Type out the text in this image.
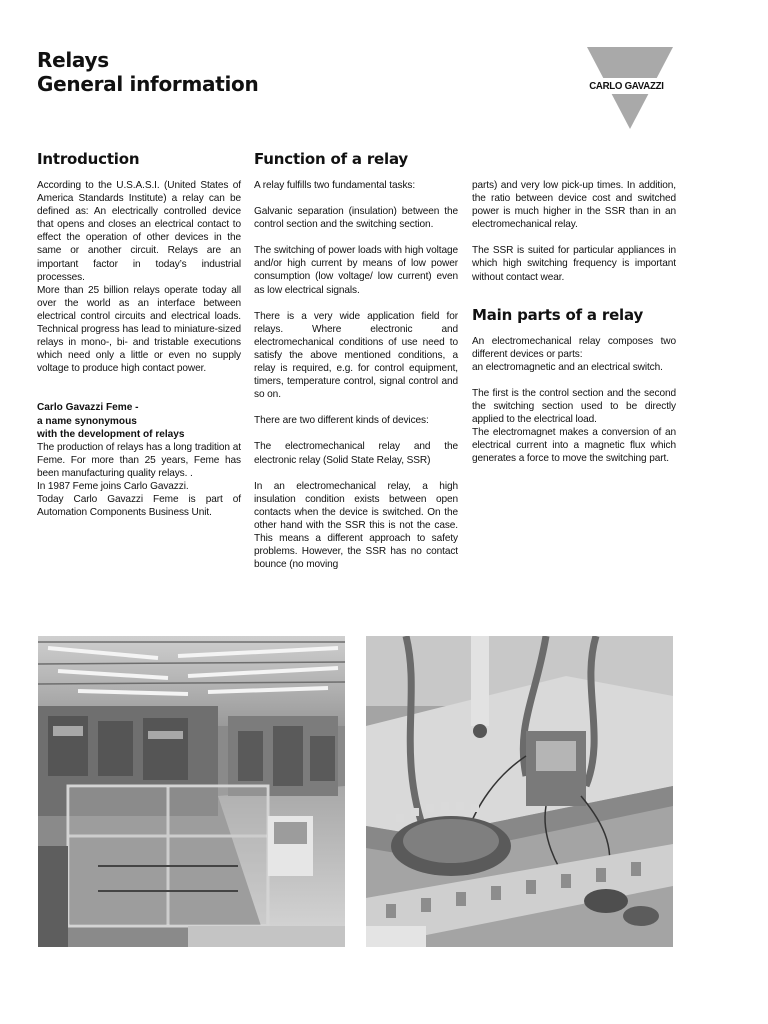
Relays
General information	CARLO GAVAZZI
Introduction

According to the U.S.A.S.I. (United States of America Standards Institute) a relay can be defined as: An electrically controlled device that opens and closes an electrical contact to effect the operation of other devices in the same or another circuit. Relays are an important factor in today’s industrial processes.

More than 25 billion relays operate today all over the world as an interface between electrical control circuits and electrical loads. Technical progress has lead to miniature-sized relays in mono-, bi- and tristable executions which need only a little or even no supply voltage to produce high contact power.

Carlo Gavazzi Feme -
a name synonymous
with the development of relays

The production of relays has a long tradition at Feme. For more than 25 years, Feme has been manufacturing quality relays. .

In 1987 Feme joins Carlo Gavazzi.

Today Carlo Gavazzi Feme is part of Automation Components Business Unit.

Function of a relay

A relay fulfills two fundamental tasks:

Galvanic separation (insulation) between the control section and the switching section.

The switching of power loads with high voltage and/or high current by means of low power consumption (low voltage/ low current) even as low electrical signals.

There is a very wide application field for relays. Where electronic and electromechanical conditions of use need to satisfy the above mentioned conditions, a relay is required, e.g. for control equipment, timers, temperature control, signal control and so on.

There are two different kinds of devices:

The electromechanical relay and the electronic relay (Solid State Relay, SSR)

In an electromechanical relay, a high insulation condition exists between open contacts when the device is switched. On the other hand with the SSR this is not the case. This means a different approach to safety problems. However, the SSR has no contact bounce (no moving

parts) and very low pick-up times. In addition, the ratio between device cost and switched power is much higher in the SSR than in an electromechanical relay.

The SSR is suited for particular appliances in which high switching frequency is important without contact wear.

Main parts of a relay

An electromechanical relay composes two different devices or parts:

an electromagnetic and an electrical switch.

The first is the control section and the second the switching section used to be directly applied to the electrical load.

The electromagnet makes a conversion of an electrical current into a magnetic flux which generates a force to move the switching part.
